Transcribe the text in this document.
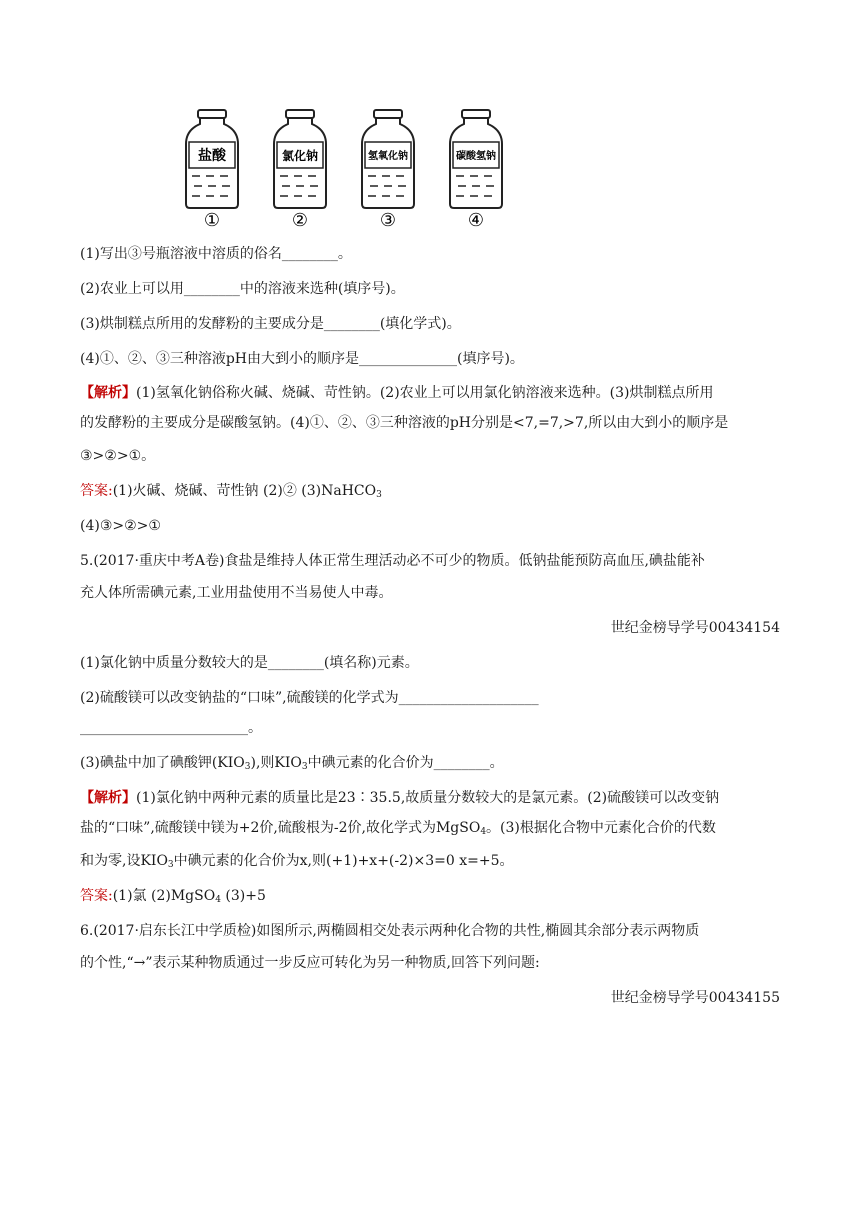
盐酸
①
氯化钠
②
氢氧化钠
③
碳酸氢钠
④
(1)写出③号瓶溶液中溶质的俗名________。
(2)农业上可以用________中的溶液来选种(填序号)。
(3)烘制糕点所用的发酵粉的主要成分是________(填化学式)。
(4)①、②、③三种溶液pH由大到小的顺序是______________(填序号)。
【解析】(1)氢氧化钠俗称火碱、烧碱、苛性钠。(2)农业上可以用氯化钠溶液来选种。(3)烘制糕点所用
的发酵粉的主要成分是碳酸氢钠。(4)①、②、③三种溶液的pH分别是<7,=7,>7,所以由大到小的顺序是
③>②>①。
答案:(1)火碱、烧碱、苛性钠 (2)② (3)NaHCO$_3$
(4)③>②>①
5.(2017·重庆中考A卷)食盐是维持人体正常生理活动必不可少的物质。低钠盐能预防高血压,碘盐能补
充人体所需碘元素,工业用盐使用不当易使人中毒。
世纪金榜导学号00434154
(1)氯化钠中质量分数较大的是________(填名称)元素。
(2)硫酸镁可以改变钠盐的“口味”,硫酸镁的化学式为____________________
________________________。
(3)碘盐中加了碘酸钾$(KIO_3)$,则$KIO_3$中碘元素的化合价为________。
【解析】(1)氯化钠中两种元素的质量比是23∶35.5,故质量分数较大的是氯元素。(2)硫酸镁可以改变钠
盐的“口味”,硫酸镁中镁为+2价,硫酸根为-2价,故化学式为MgSO$_4$。(3)根据化合物中元素化合价的代数
和为零,设$KIO_3$中碘元素的化合价为x,则(+1)+x+(-2)×3=0 x=+5。
答案:(1)氯 (2)MgSO$_4$ (3)+5
6.(2017·启东长江中学质检)如图所示,两椭圆相交处表示两种化合物的共性,椭圆其余部分表示两物质
的个性,“→”表示某种物质通过一步反应可转化为另一种物质,回答下列问题:
世纪金榜导学号00434155
